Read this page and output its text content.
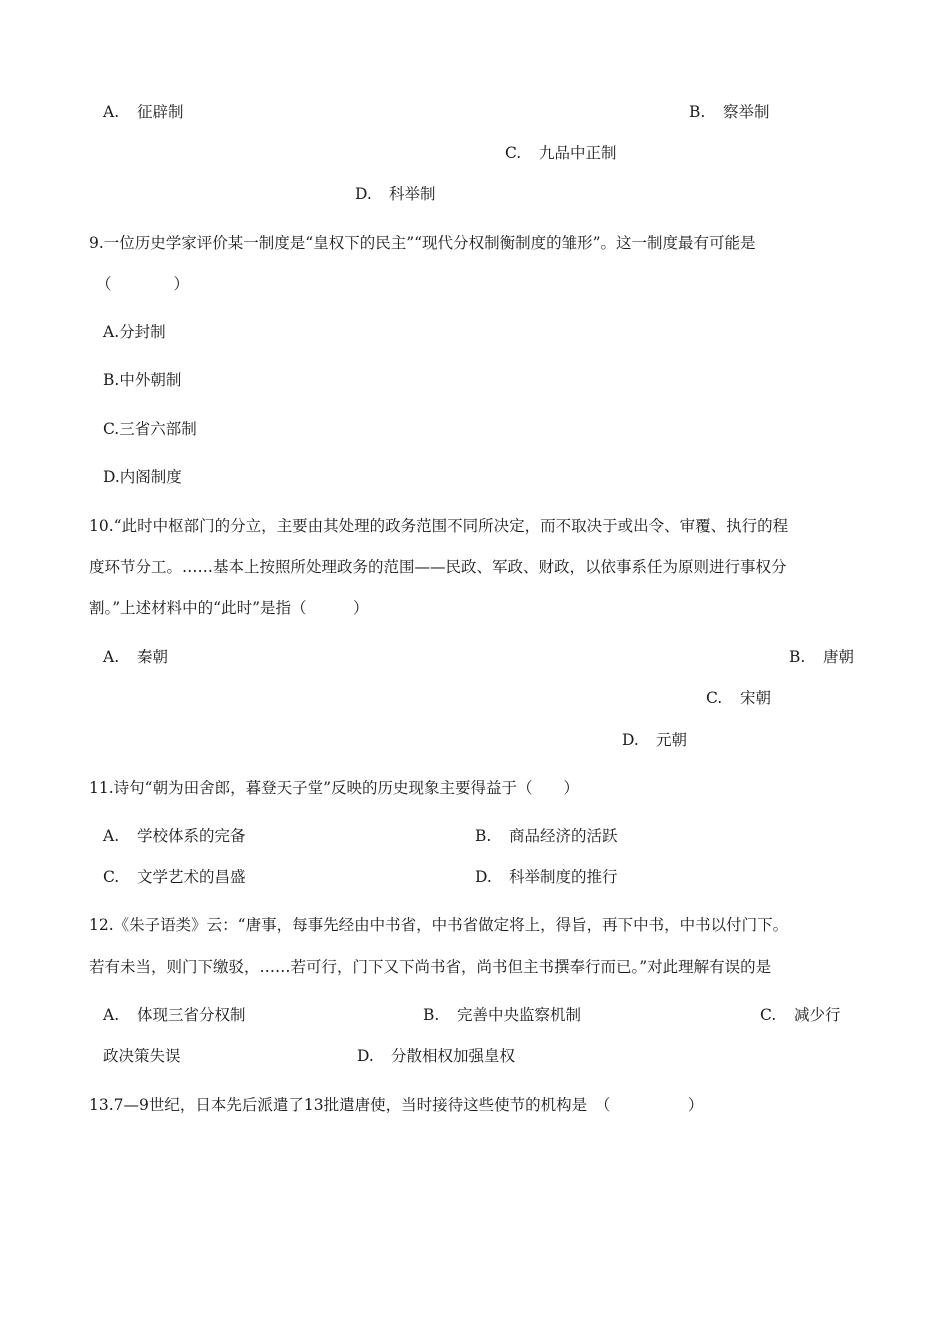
A. 征辟制	B. 察举制
C. 九品中正制
D. 科举制
9.一位历史学家评价某一制度是“皇权下的民主”“现代分权制衡制度的雏形”。这一制度最有可能是
（　　　　）
A.分封制
B.中外朝制
C.三省六部制
D.内阁制度
10.“此时中枢部门的分立，主要由其处理的政务范围不同所决定，而不取决于或出令、审覆、执行的程
度环节分工。……基本上按照所处理政务的范围——民政、军政、财政，以依事系任为原则进行事权分
割。”上述材料中的“此时”是指（　　　）
A. 秦朝	B. 唐朝
C. 宋朝
D. 元朝
11.诗句“朝为田舍郎，暮登天子堂”反映的历史现象主要得益于（　　）
A. 学校体系的完备	B. 商品经济的活跃
C. 文学艺术的昌盛	D. 科举制度的推行
12.《朱子语类》云：“唐事，每事先经由中书省，中书省做定将上，得旨，再下中书，中书以付门下。
若有未当，则门下缴驳，……若可行，门下又下尚书省，尚书但主书撰奉行而已。”对此理解有误的是
A. 体现三省分权制	B. 完善中央监察机制	C. 减少行
政决策失误	D. 分散相权加强皇权
13.7—9世纪，日本先后派遣了13批遣唐使，当时接待这些使节的机构是　（　　　　　）
